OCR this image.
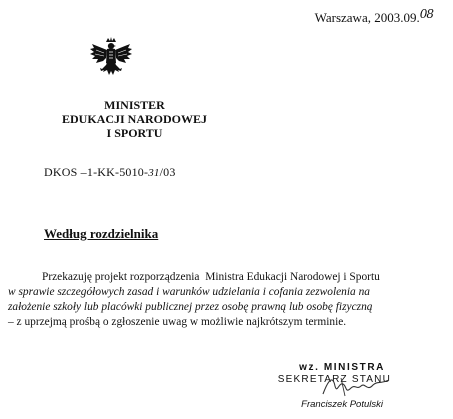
Warszawa, 2003.09.08
MINISTER
EDUKACJI NARODOWEJ
I SPORTU
DKOS –1-KK-5010-31/03
Według rozdzielnika
Przekazuję projekt rozporządzenia Ministra Edukacji Narodowej i Sportu
w sprawie szczegółowych zasad i warunków udzielania i cofania zezwolenia na
założenie szkoły lub placówki publicznej przez osobę prawną lub osobę fizyczną
– z uprzejmą prośbą o zgłoszenie uwag w możliwie najkrótszym terminie.
wz. MINISTRA
SEKRETARZ STANU
Franciszek Potulski
